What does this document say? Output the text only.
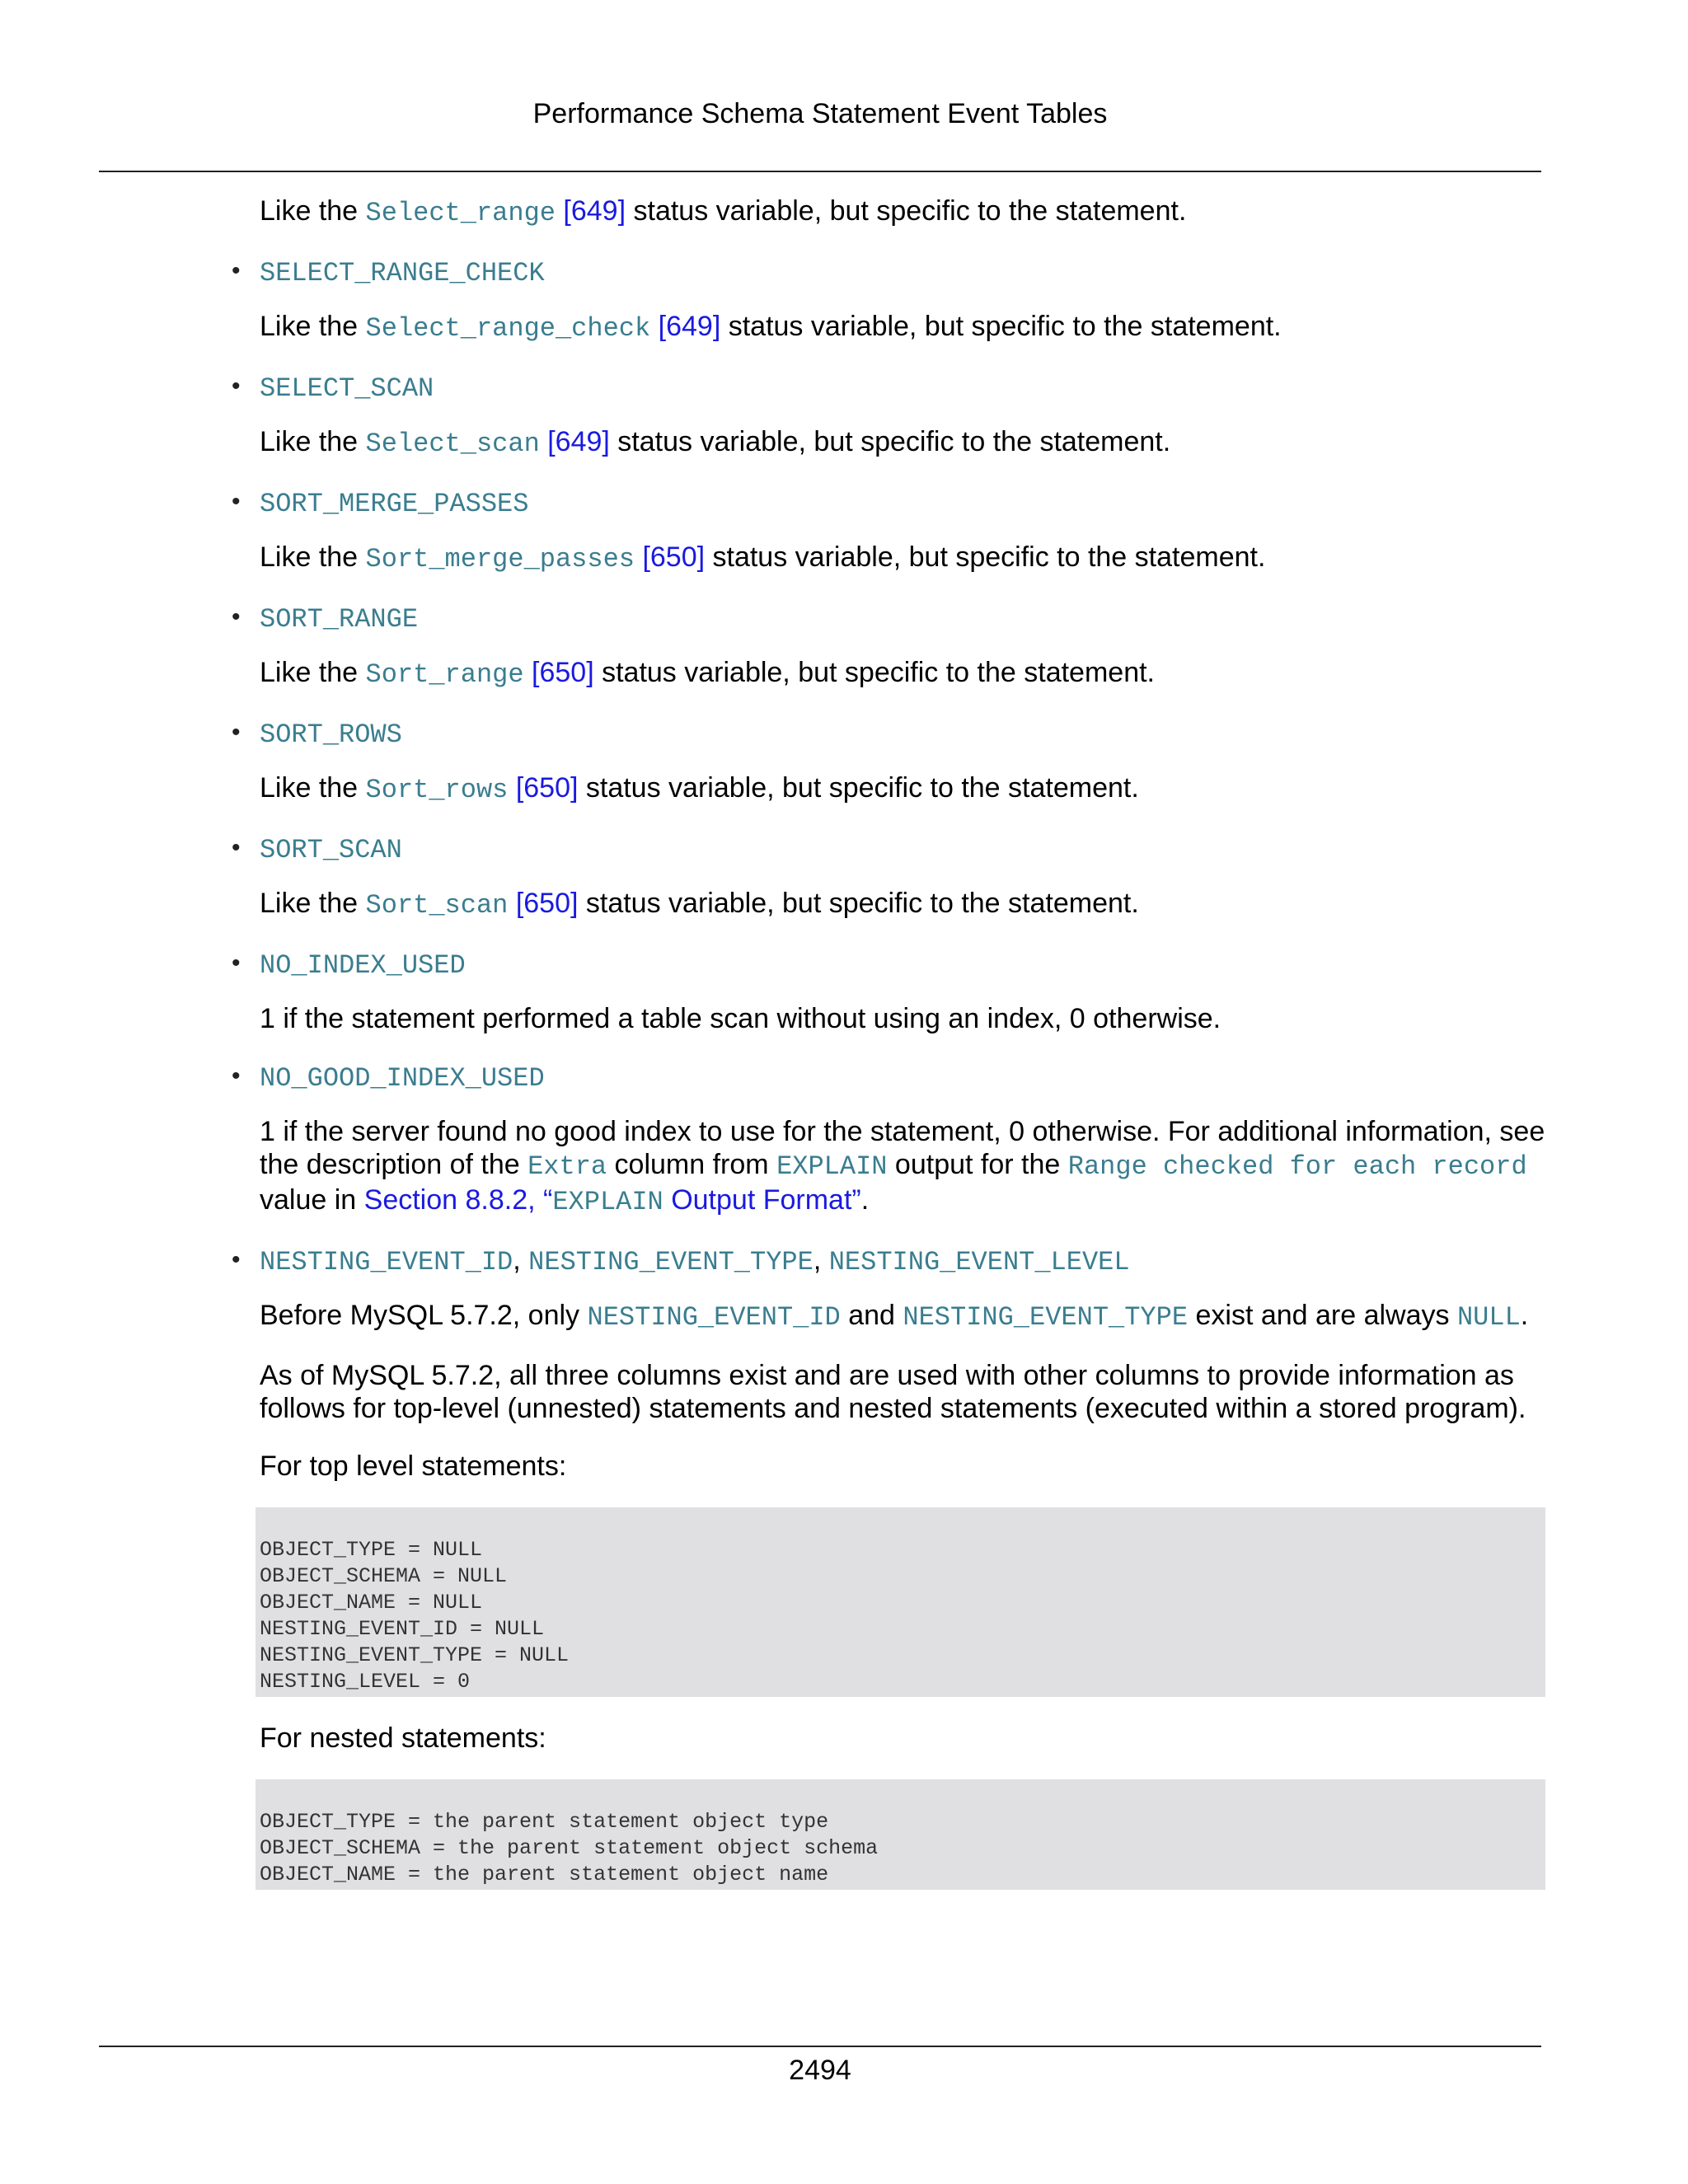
Performance Schema Statement Event Tables

Like the Select_range [649] status variable, but specific to the statement.

• SELECT_RANGE_CHECK

Like the Select_range_check [649] status variable, but specific to the statement.

• SELECT_SCAN

Like the Select_scan [649] status variable, but specific to the statement.

• SORT_MERGE_PASSES

Like the Sort_merge_passes [650] status variable, but specific to the statement.

• SORT_RANGE

Like the Sort_range [650] status variable, but specific to the statement.

• SORT_ROWS

Like the Sort_rows [650] status variable, but specific to the statement.

• SORT_SCAN

Like the Sort_scan [650] status variable, but specific to the statement.

• NO_INDEX_USED

1 if the statement performed a table scan without using an index, 0 otherwise.

• NO_GOOD_INDEX_USED

1 if the server found no good index to use for the statement, 0 otherwise. For additional information, see the description of the Extra column from EXPLAIN output for the Range checked for each record value in Section 8.8.2, “EXPLAIN Output Format”.

• NESTING_EVENT_ID, NESTING_EVENT_TYPE, NESTING_EVENT_LEVEL

Before MySQL 5.7.2, only NESTING_EVENT_ID and NESTING_EVENT_TYPE exist and are always NULL.

As of MySQL 5.7.2, all three columns exist and are used with other columns to provide information as follows for top-level (unnested) statements and nested statements (executed within a stored program).

For top level statements:

OBJECT_TYPE = NULL
OBJECT_SCHEMA = NULL
OBJECT_NAME = NULL
NESTING_EVENT_ID = NULL
NESTING_EVENT_TYPE = NULL
NESTING_LEVEL = 0

For nested statements:

OBJECT_TYPE = the parent statement object type
OBJECT_SCHEMA = the parent statement object schema
OBJECT_NAME = the parent statement object name
2494
